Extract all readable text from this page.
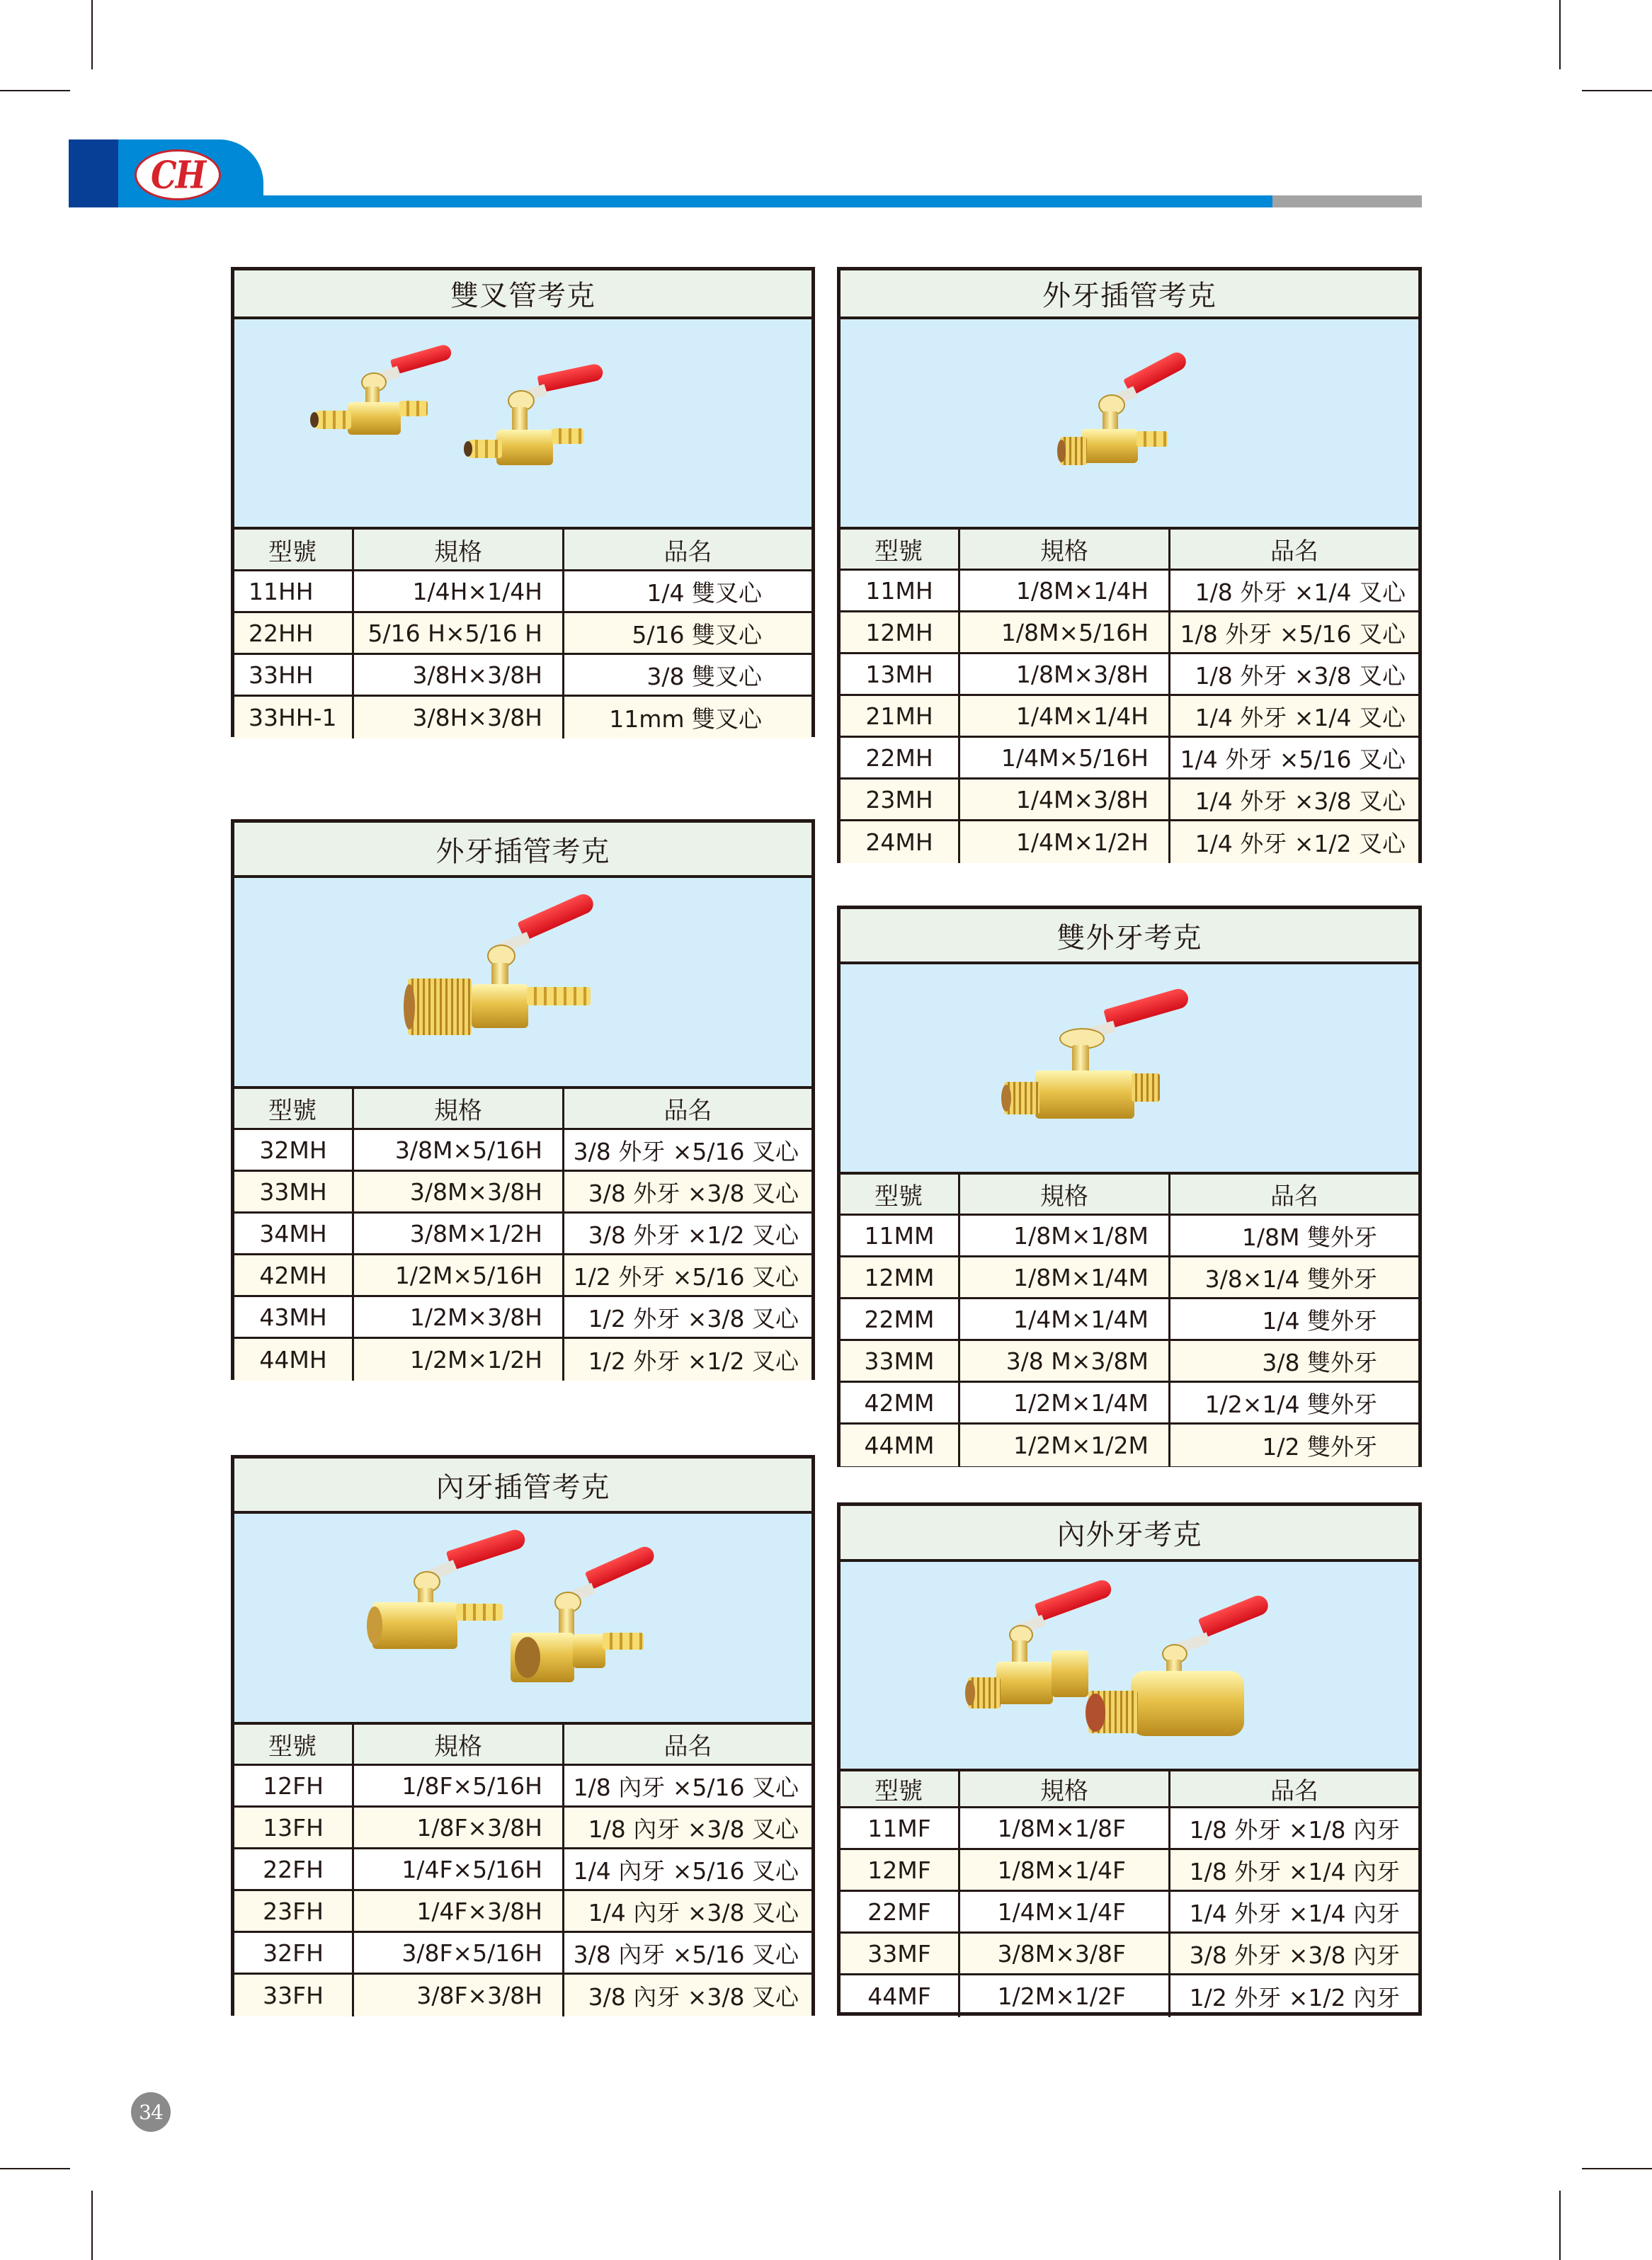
CH
雙叉管考克
型號	規格	品名
11HH	1/4H×1/4H	1/4 雙叉心
22HH	5/16 H×5/16 H	5/16 雙叉心
33HH	3/8H×3/8H	3/8 雙叉心
33HH-1	3/8H×3/8H	11mm 雙叉心
外牙插管考克
型號	規格	品名
11MH	1/8M×1/4H	1/8 外牙 ×1/4 叉心
12MH	1/8M×5/16H	1/8 外牙 ×5/16 叉心
13MH	1/8M×3/8H	1/8 外牙 ×3/8 叉心
21MH	1/4M×1/4H	1/4 外牙 ×1/4 叉心
22MH	1/4M×5/16H	1/4 外牙 ×5/16 叉心
23MH	1/4M×3/8H	1/4 外牙 ×3/8 叉心
24MH	1/4M×1/2H	1/4 外牙 ×1/2 叉心
外牙插管考克
型號	規格	品名
32MH	3/8M×5/16H	3/8 外牙 ×5/16 叉心
33MH	3/8M×3/8H	3/8 外牙 ×3/8 叉心
34MH	3/8M×1/2H	3/8 外牙 ×1/2 叉心
42MH	1/2M×5/16H	1/2 外牙 ×5/16 叉心
43MH	1/2M×3/8H	1/2 外牙 ×3/8 叉心
44MH	1/2M×1/2H	1/2 外牙 ×1/2 叉心
雙外牙考克
型號	規格	品名
11MM	1/8M×1/8M	1/8M 雙外牙
12MM	1/8M×1/4M	3/8×1/4 雙外牙
22MM	1/4M×1/4M	1/4 雙外牙
33MM	3/8 M×3/8M	3/8 雙外牙
42MM	1/2M×1/4M	1/2×1/4 雙外牙
44MM	1/2M×1/2M	1/2 雙外牙
內牙插管考克
型號	規格	品名
12FH	1/8F×5/16H	1/8 內牙 ×5/16 叉心
13FH	1/8F×3/8H	1/8 內牙 ×3/8 叉心
22FH	1/4F×5/16H	1/4 內牙 ×5/16 叉心
23FH	1/4F×3/8H	1/4 內牙 ×3/8 叉心
32FH	3/8F×5/16H	3/8 內牙 ×5/16 叉心
33FH	3/8F×3/8H	3/8 內牙 ×3/8 叉心
內外牙考克
型號	規格	品名
11MF	1/8M×1/8F	1/8 外牙 ×1/8 內牙
12MF	1/8M×1/4F	1/8 外牙 ×1/4 內牙
22MF	1/4M×1/4F	1/4 外牙 ×1/4 內牙
33MF	3/8M×3/8F	3/8 外牙 ×3/8 內牙
44MF	1/2M×1/2F	1/2 外牙 ×1/2 內牙
34
